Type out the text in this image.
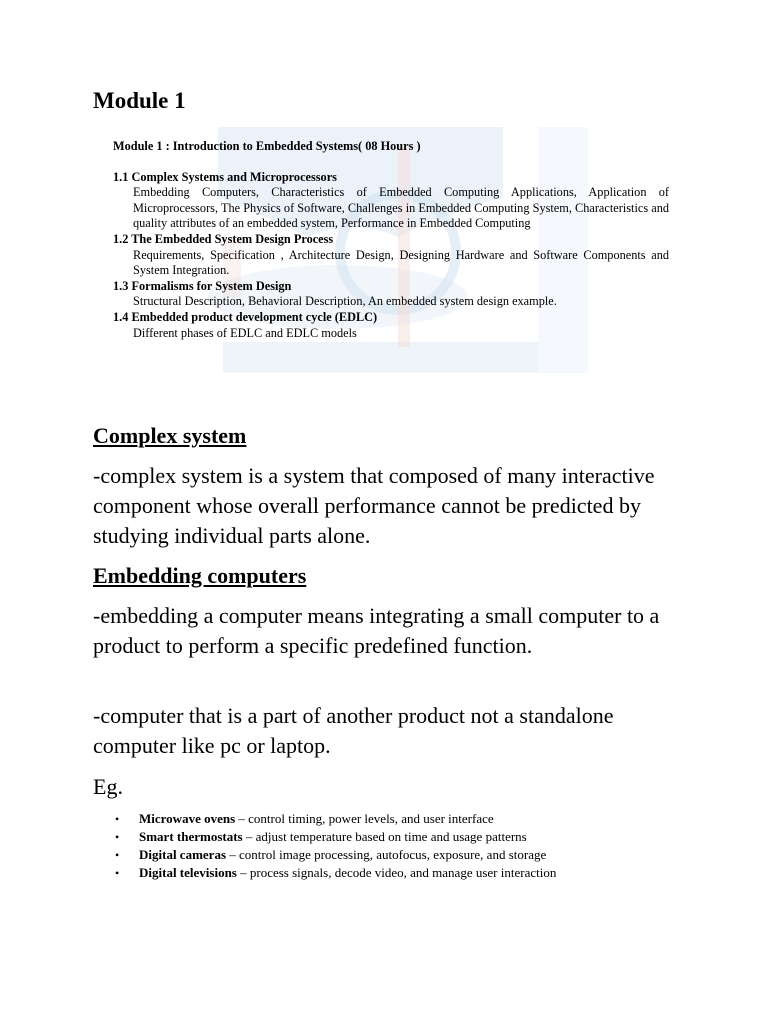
Module 1
Module 1 : Introduction to Embedded Systems( 08 Hours )
1.1 Complex Systems and Microprocessors
Embedding Computers, Characteristics of Embedded Computing Applications, Application of Microprocessors, The Physics of Software, Challenges in Embedded Computing System, Characteristics and quality attributes of an embedded system, Performance in Embedded Computing
1.2 The Embedded System Design Process
Requirements, Specification , Architecture Design, Designing Hardware and Software Components and System Integration.
1.3 Formalisms for System Design
Structural Description, Behavioral Description, An embedded system design example.
1.4 Embedded product development cycle (EDLC)
Different phases of EDLC and EDLC models
Complex system

-complex system is a system that composed of many interactive component whose overall performance cannot be predicted by studying individual parts alone.

Embedding computers

-embedding a computer means integrating a small computer to a product to perform a specific predefined function.

-computer that is a part of another product not a standalone computer like pc or laptop.

Eg.

• Microwave ovens – control timing, power levels, and user interface
• Smart thermostats – adjust temperature based on time and usage patterns
• Digital cameras – control image processing, autofocus, exposure, and storage
• Digital televisions – process signals, decode video, and manage user interaction
